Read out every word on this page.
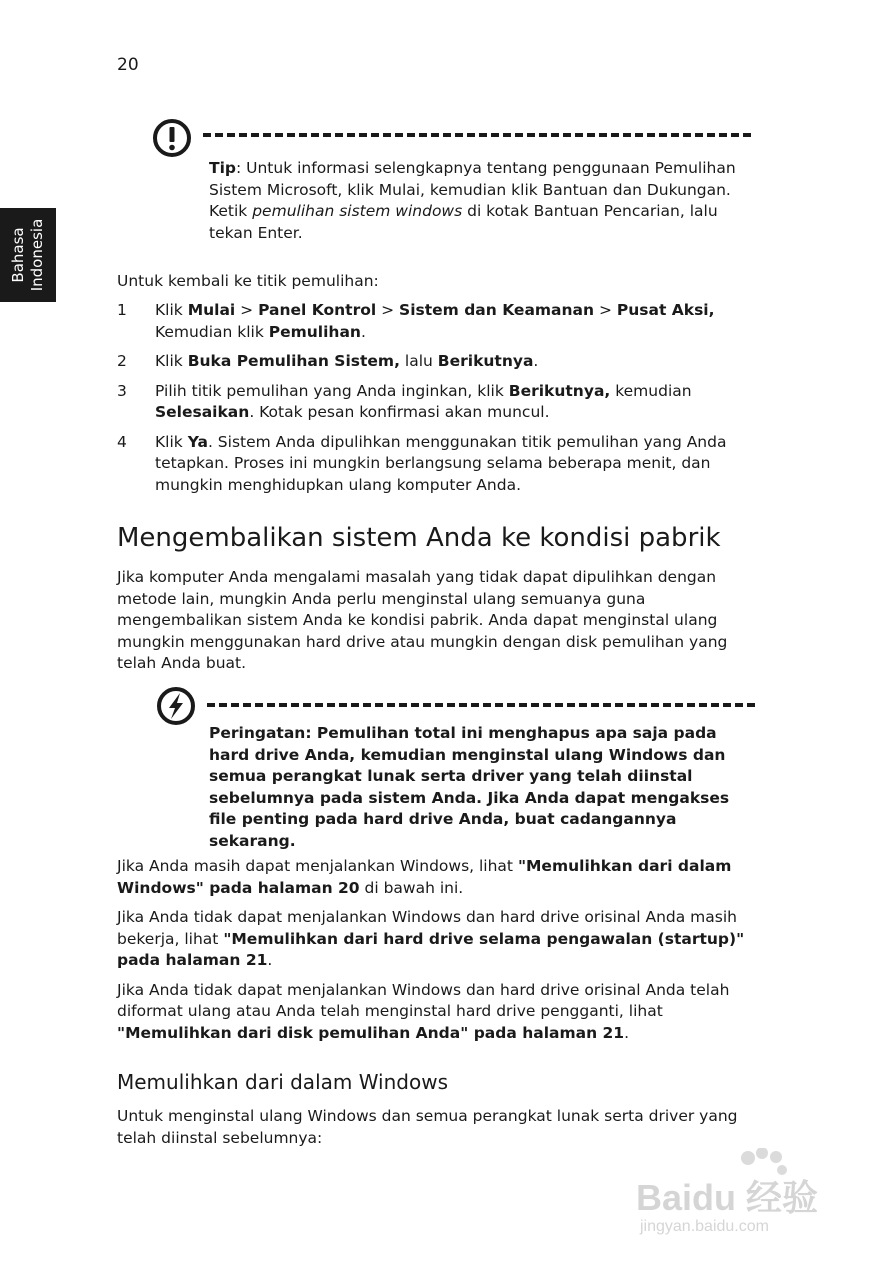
20
Bahasa Indonesia
Tip: Untuk informasi selengkapnya tentang penggunaan Pemulihan Sistem Microsoft, klik Mulai, kemudian klik Bantuan dan Dukungan. Ketik pemulihan sistem windows di kotak Bantuan Pencarian, lalu tekan Enter.
Untuk kembali ke titik pemulihan:
1 Klik Mulai > Panel Kontrol > Sistem dan Keamanan > Pusat Aksi, Kemudian klik Pemulihan.
2 Klik Buka Pemulihan Sistem, lalu Berikutnya.
3 Pilih titik pemulihan yang Anda inginkan, klik Berikutnya, kemudian Selesaikan. Kotak pesan konfirmasi akan muncul.
4 Klik Ya. Sistem Anda dipulihkan menggunakan titik pemulihan yang Anda tetapkan. Proses ini mungkin berlangsung selama beberapa menit, dan mungkin menghidupkan ulang komputer Anda.
Mengembalikan sistem Anda ke kondisi pabrik
Jika komputer Anda mengalami masalah yang tidak dapat dipulihkan dengan metode lain, mungkin Anda perlu menginstal ulang semuanya guna mengembalikan sistem Anda ke kondisi pabrik. Anda dapat menginstal ulang mungkin menggunakan hard drive atau mungkin dengan disk pemulihan yang telah Anda buat.
Peringatan: Pemulihan total ini menghapus apa saja pada hard drive Anda, kemudian menginstal ulang Windows dan semua perangkat lunak serta driver yang telah diinstal sebelumnya pada sistem Anda. Jika Anda dapat mengakses file penting pada hard drive Anda, buat cadangannya sekarang.

Jika Anda masih dapat menjalankan Windows, lihat "Memulihkan dari dalam Windows" pada halaman 20 di bawah ini.

Jika Anda tidak dapat menjalankan Windows dan hard drive orisinal Anda masih bekerja, lihat "Memulihkan dari hard drive selama pengawalan (startup)" pada halaman 21.

Jika Anda tidak dapat menjalankan Windows dan hard drive orisinal Anda telah diformat ulang atau Anda telah menginstal hard drive pengganti, lihat "Memulihkan dari disk pemulihan Anda" pada halaman 21.

Memulihkan dari dalam Windows
Untuk menginstal ulang Windows dan semua perangkat lunak serta driver yang telah diinstal sebelumnya:
Baidu 经验
jingyan.baidu.com
